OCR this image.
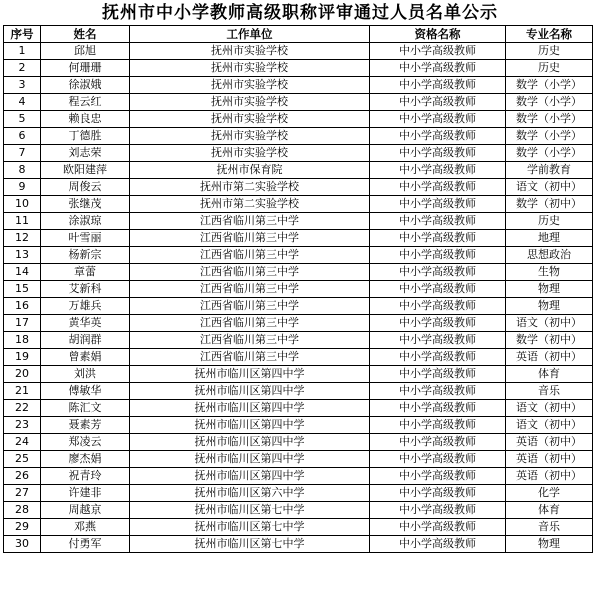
抚州市中小学教师高级职称评审通过人员名单公示
序号	姓名	工作单位	资格名称	专业名称
1	邱旭	抚州市实验学校	中小学高级教师	历史
2	何珊珊	抚州市实验学校	中小学高级教师	历史
3	徐淑娥	抚州市实验学校	中小学高级教师	数学（小学）
4	程云红	抚州市实验学校	中小学高级教师	数学（小学）
5	赖良忠	抚州市实验学校	中小学高级教师	数学（小学）
6	丁德胜	抚州市实验学校	中小学高级教师	数学（小学）
7	刘志荣	抚州市实验学校	中小学高级教师	数学（小学）
8	欧阳建萍	抚州市保育院	中小学高级教师	学前教育
9	周俊云	抚州市第二实验学校	中小学高级教师	语文（初中）
10	张继茂	抚州市第二实验学校	中小学高级教师	数学（初中）
11	涂淑琼	江西省临川第三中学	中小学高级教师	历史
12	叶雪丽	江西省临川第三中学	中小学高级教师	地理
13	杨新宗	江西省临川第三中学	中小学高级教师	思想政治
14	章蕾	江西省临川第三中学	中小学高级教师	生物
15	艾新科	江西省临川第三中学	中小学高级教师	物理
16	万雄兵	江西省临川第三中学	中小学高级教师	物理
17	黄华英	江西省临川第三中学	中小学高级教师	语文（初中）
18	胡润群	江西省临川第三中学	中小学高级教师	数学（初中）
19	曾素娟	江西省临川第三中学	中小学高级教师	英语（初中）
20	刘洪	抚州市临川区第四中学	中小学高级教师	体育
21	傅敏华	抚州市临川区第四中学	中小学高级教师	音乐
22	陈汇文	抚州市临川区第四中学	中小学高级教师	语文（初中）
23	聂素芳	抚州市临川区第四中学	中小学高级教师	语文（初中）
24	郑凌云	抚州市临川区第四中学	中小学高级教师	英语（初中）
25	廖杰娟	抚州市临川区第四中学	中小学高级教师	英语（初中）
26	祝青玲	抚州市临川区第四中学	中小学高级教师	英语（初中）
27	许建非	抚州市临川区第六中学	中小学高级教师	化学
28	周越京	抚州市临川区第七中学	中小学高级教师	体育
29	邓燕	抚州市临川区第七中学	中小学高级教师	音乐
30	付勇军	抚州市临川区第七中学	中小学高级教师	物理
